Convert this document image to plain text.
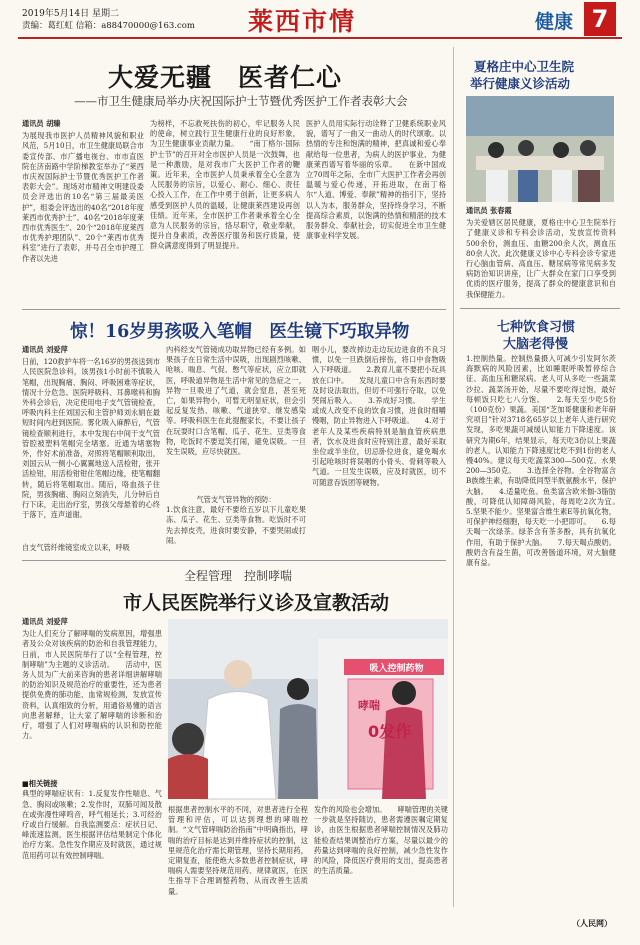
2019年5月14日 星期二
责编：葛红虹 信箱：a88470000@163.com 莱西市情	健康 7
大爱无疆　医者仁心
——市卫生健康局举办庆祝国际护士节暨优秀医护工作者表彰大会
通讯员 胡臻
为展现我市医护人员精神风貌和职业风范，5月10日，市卫生健康局联合市委宣传部、市广播电视台、市市直医院在济南路中学阶梯教室举办了“莱西市庆祝国际护士节暨优秀医护工作者表彰大会”。现场对市精神文明建设委员会评选出的10名“第三届最美医护”，组委会评选出的40名“2018年度莱西市优秀护士”、40名“2018年度莱西市优秀医生”、20个“2018年度莱西市优秀护理团队”、20个“莱西市优秀科室”进行了表彰，并号召全市护理工作者以先进
为榜样，不忘救死扶伤的初心，牢记服务人民的使命，树立践行卫生健康行业的良好形象，为卫生健康事业贡献力量。　　“南丁格尔·国际护士节”的召开对全市医护人员是一次鼓舞，也是一种激励，是对我市广大医护工作者的鞭策。近年来，全市医护人员秉承着全心全意为人民服务的宗旨，以爱心、耐心、细心、责任心投入工作，在工作中勇于创新，让更多病人感受到医护人员的温暖，让健康莱西建设再创佳绩。近年来，全市医护工作者秉承着全心全意为人民服务的宗旨，恪尽职守，敬业奉献，提升自身素质，改善医疗服务和医疗质量，使群众满意度得到了明显提升。
医护人员用实际行动诠释了卫健系统职业风貌，谱写了一曲又一曲动人的时代颂歌。以热情的专注和饱满的精神，把真诚和爱心奉献给每一位患者，为病人的医护事业、为健康莱西谱写着华丽的乐章。　　在新中国成立70周年之际，全市广大医护工作者会再创温暖与爱心传递，开拓进取，在南丁格尔“人道、博爱、奉献”精神的指引下，坚持以人为本，服务群众，坚持终身学习，不断提高综合素质，以饱满的热情和精湛的技术服务群众、奉献社会，切实促进全市卫生健康事业科学发展。
惊！16岁男孩吸入笔帽　医生镜下巧取异物
通讯员 刘爱萍
日前，120救护车将一名16岁的男孩送到市人民医院急诊科，该男孩1小时前不慎吸入笔帽，出现胸痛、胸闷、呼吸困难等症状，情况十分危急。医院呼吸科、耳鼻喉科和胸外科会诊后，决定使用电子支气管镜检查，呼吸内科主任刘国云和主管护师刘永娟在最短时间内赶到医院。雾化吸入麻醉后，气管镜检查顺利进行，本中发现右中间干支气管管腔被塑料笔帽完全堵塞。近通为堵塞物外，作好术前准备，对照将笔帽顺利取出，刘国云从一侧小心翼翼地送入活检钳，张开活检钳，用活检钳钳住笔帽边缘，使笔帽翻转，随后将笔帽取出。随后，咯血孩子住院，男孩胸痛、胸闷立刻消失，儿分钟后自行下床，走出治疗室，男孩父母悬着的心终于落下，连声道谢。
自支气管纤维镜室成立以来，呼吸
内科经支气管镜成功取异物已经有多例。如果孩子在日常生活中误吸，出现剧烈咳嗽、呛咳、喘息、气促、憋气等症状，应立即就医，呼吸道异物是生活中常见的急症之一，异物一旦吸进了气道，就会窒息，甚至死亡，如果异物小，可暂无明显症状，但会引起反复发热、咳嗽、气道狭窄、继发感染等。呼吸科医生在此提醒家长，不要让孩子在玩耍时口含笔帽、瓜子、花生、豆类等食物，吃饭时不要逗笑打闹，避免误吸。一旦发生误吸，应尽快就医。
气管支气管异物的预防：
1.饮食注意，最好不要给五岁以下儿童吃果冻、瓜子、花生、豆类等食物。吃饭时不可先去掉皮壳，进食时要安静，不要哭闹或打闹。
咽小儿，要改掉边走边玩边进食的不良习惯，以免一旦跌倒后摔伤，将口中食物吸入下呼吸道。　　2.教育儿童不要把小玩具放在口中。　　发现儿童口中含有东西时要及时设法取出，但切不可强行夺取，以免哭闹后吸入。　　3.养成好习惯。　　学生或成人改变不良的饮食习惯，进食时细嚼慢咽，防止异物进入下呼吸道。　　4.对于老年人及某些疾病特别是脑血管疾病患者，饮水及进食时应特别注意，最好采取坐位或半坐位，切忌卧位进食，避免喝水引起呛咳时将误咽的小骨头、骨刺等吸入气道。一旦发生误吸，应及时就医，切不可随意吞饭团等硬物。
全程管理　控制哮喘
市人民医院举行义诊及宣教活动
通讯员 刘爱萍
为让人们充分了解哮喘的发病原因，增强患者及公众对该疾病的防治和自我管理能力，日前，市人民医院举行了以“全程管理，控制哮喘”为主题的义诊活动。　　活动中，医务人员为广大前来咨询的患者详细讲解哮喘的防治知识及规范治疗的重要性，还为患者提供免费的肺功能、血常规检测，发放宣传资料，认真细致的分析，用通俗易懂的语言向患者解释，让大家了解哮喘的诊断和治疗，增强了人们对哮喘病的认识和防控能力。
■相关链接
典型的哮喘症状有：1.反复发作性喘息、气急、胸闷或咳嗽；2.发作时，双肺可闻及散在或弥漫性哮鸣音，呼气相延长；3.可经治疗或自行缓解。自我监测要点：症状日记、峰流速监测，医生根据评估结果制定个体化治疗方案。急性发作期应及时就医，通过规范用药可以有效控制哮喘。
吸入控制药物
哮喘
0发作
根据患者控制水平的不同，对患者进行全程管理和评估，可以达到理想的哮喘控制。“文气管哮喘防治指南”中明确指出，哮喘的治疗目标是达到并维持症状的控制，这里规范化治疗需长期管理，坚持长期用药，定期复查，能使绝大多数患者控制症状，哮喘病人需要坚持规范用药、规律就医，在医生指导下合理调整药物，从而改善生活质量。
发作的风险也会增加。　　哮喘管理的关键一步就是坚持随访，患者需遵医嘱定期复诊，由医生根据患者哮喘控制情况及肺功能检查结果调整治疗方案，尽量以最少的药量达到哮喘的良好控制，减少急性发作的风险，降低医疗费用的支出，提高患者的生活质量。
夏格庄中心卫生院
举行健康义诊活动
通讯员 张春霞
为关爱辖区居民健康，夏格庄中心卫生院举行了健康义诊和专科会诊活动，发放宣传资料500余份，测血压、血糖200余人次，测血压80余人次。此次健康义诊中心专科会诊专家进行心脑血管病、高血压、糖尿病等常见病多发病防治知识讲座，让广大群众在家门口享受到优质的医疗服务，提高了群众的健康意识和自我保健能力。
七种饮食习惯
大脑老得慢
1.控制热量。控制热量摄入可减少引发阿尔茨海默病的风险因素，比如睡眠呼吸暂停综合征、高血压和糖尿病。老人可从多吃一些蔬菜沙拉、蔬菜汤开始，尽量不要吃得过饱，最好每顿饭只吃七八分饱。　　2.每天至少吃5份（100克份）果蔬。美国“芝加哥健康和老年研究项目”针对3718名65岁以上老年人进行研究发现，多吃果蔬可减缓认知能力下降速度。该研究为期6年，结果显示，每天吃3份以上果蔬的老人，认知能力下降速度比吃不到1份的老人慢40%。建议每天吃蔬菜300—500克、水果200—350克。　　3.选择全谷物。全谷物富含B族维生素，有助降低同型半胱氨酸水平，保护大脑。　　4.适量吃鱼。鱼类富含欧米伽-3脂肪酸，可降低认知障碍风险，每周吃2次为宜。　　5.坚果不能少。坚果富含维生素E等抗氧化物，可保护神经细胞，每天吃一小把即可。　　6.每天喝一次绿茶。绿茶含有茶多酚，具有抗氧化作用，有助于保护大脑。　　7.每天喝点酸奶。酸奶含有益生菌，可改善肠道环境，对大脑健康有益。
（人民网）
